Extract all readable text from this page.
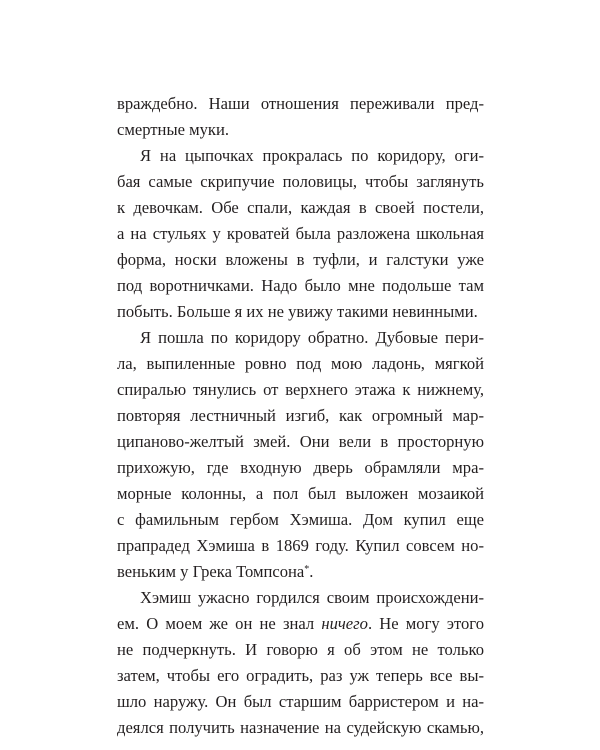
враждебно. Наши отношения переживали пред-
смертные муки.
Я на цыпочках прокралась по коридору, оги-
бая самые скрипучие половицы, чтобы заглянуть
к девочкам. Обе спали, каждая в своей постели,
а на стульях у кроватей была разложена школьная
форма, носки вложены в туфли, и галстуки уже
под воротничками. Надо было мне подольше там
побыть. Больше я их не увижу такими невинными.
Я пошла по коридору обратно. Дубовые пери-
ла, выпиленные ровно под мою ладонь, мягкой
спиралью тянулись от верхнего этажа к нижнему,
повторяя лестничный изгиб, как огромный мар-
ципаново-желтый змей. Они вели в просторную
прихожую, где входную дверь обрамляли мра-
морные колонны, а пол был выложен мозаикой
с фамильным гербом Хэмиша. Дом купил еще
прапрадед Хэмиша в 1869 году. Купил совсем но-
веньким у Грека Томпсона*.
Хэмиш ужасно гордился своим происхождени-
ем. О моем же он не знал ничего. Не могу этого
не подчеркнуть. И говорю я об этом не только
затем, чтобы его оградить, раз уж теперь все вы-
шло наружу. Он был старшим барристером и на-
деялся получить назначение на судейскую скамью,
